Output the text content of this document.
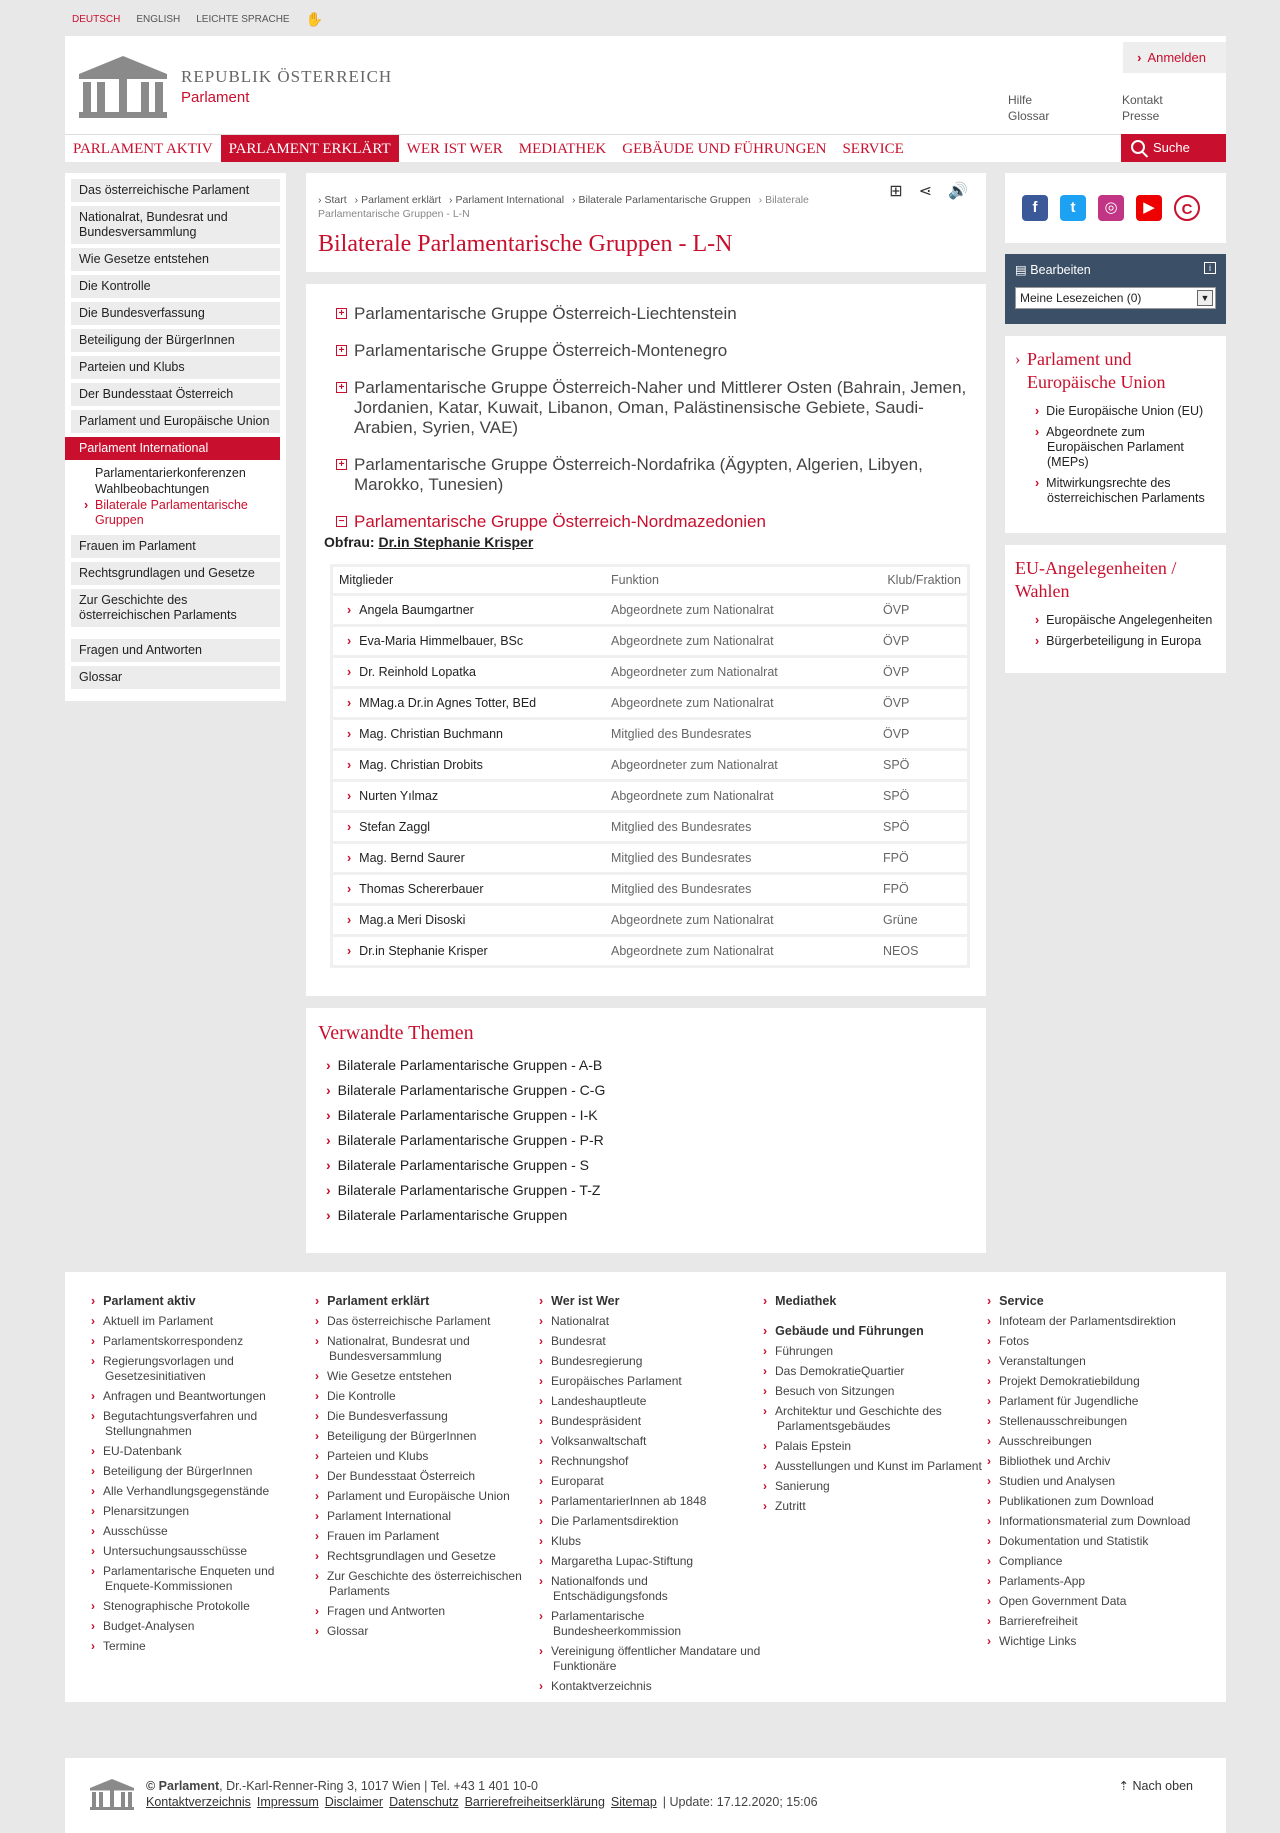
DEUTSCH ENGLISH LEICHTE SPRACHE ✋
REPUBLIK ÖSTERREICH
Parlament
› Anmelden
Hilfe
Glossar
Kontakt
Presse
PARLAMENT AKTIV	PARLAMENT ERKLÄRT	WER IST WER	MEDIATHEK	GEBÄUDE UND FÜHRUNGEN	SERVICE	Suche
Das österreichische Parlament
Nationalrat, Bundesrat und Bundesversammlung
Wie Gesetze entstehen
Die Kontrolle
Die Bundesverfassung
Beteiligung der BürgerInnen
Parteien und Klubs
Der Bundesstaat Österreich
Parlament und Europäische Union
Parlament International
Parlamentarierkonferenzen
Wahlbeobachtungen
› Bilaterale Parlamentarische Gruppen
Frauen im Parlament
Rechtsgrundlagen und Gesetze
Zur Geschichte des österreichischen Parlaments
Fragen und Antworten
Glossar
⊞ ⋖ 🔊
› Start › Parlament erklärt › Parlament International › Bilaterale Parlamentarische Gruppen › Bilaterale Parlamentarische Gruppen - L-N
Bilaterale Parlamentarische Gruppen - L-N
+ Parlamentarische Gruppe Österreich-Liechtenstein
+ Parlamentarische Gruppe Österreich-Montenegro
+ Parlamentarische Gruppe Österreich-Naher und Mittlerer Osten (Bahrain, Jemen, Jordanien, Katar, Kuwait, Libanon, Oman, Palästinensische Gebiete, Saudi-Arabien, Syrien, VAE)
+ Parlamentarische Gruppe Österreich-Nordafrika (Ägypten, Algerien, Libyen, Marokko, Tunesien)
− Parlamentarische Gruppe Österreich-Nordmazedonien
Obfrau: Dr.in Stephanie Krisper
Mitglieder	Funktion	Klub/Fraktion
› Angela Baumgartner	Abgeordnete zum Nationalrat	ÖVP
› Eva-Maria Himmelbauer, BSc	Abgeordnete zum Nationalrat	ÖVP
› Dr. Reinhold Lopatka	Abgeordneter zum Nationalrat	ÖVP
› MMag.a Dr.in Agnes Totter, BEd	Abgeordnete zum Nationalrat	ÖVP
› Mag. Christian Buchmann	Mitglied des Bundesrates	ÖVP
› Mag. Christian Drobits	Abgeordneter zum Nationalrat	SPÖ
› Nurten Yılmaz	Abgeordnete zum Nationalrat	SPÖ
› Stefan Zaggl	Mitglied des Bundesrates	SPÖ
› Mag. Bernd Saurer	Mitglied des Bundesrates	FPÖ
› Thomas Schererbauer	Mitglied des Bundesrates	FPÖ
› Mag.a Meri Disoski	Abgeordnete zum Nationalrat	Grüne
› Dr.in Stephanie Krisper	Abgeordnete zum Nationalrat	NEOS
Verwandte Themen
› Bilaterale Parlamentarische Gruppen - A-B
› Bilaterale Parlamentarische Gruppen - C-G
› Bilaterale Parlamentarische Gruppen - I-K
› Bilaterale Parlamentarische Gruppen - P-R
› Bilaterale Parlamentarische Gruppen - S
› Bilaterale Parlamentarische Gruppen - T-Z
› Bilaterale Parlamentarische Gruppen
f	t	◎	▶	C
▤ Bearbeiten	i
Meine Lesezeichen (0)	▼
› Parlament und Europäische Union
› Die Europäische Union (EU)
› Abgeordnete zum Europäischen Parlament (MEPs)
› Mitwirkungsrechte des österreichischen Parlaments
EU-Angelegenheiten / Wahlen
› Europäische Angelegenheiten
› Bürgerbeteiligung in Europa
› Parlament aktiv
› Aktuell im Parlament
› Parlamentskorrespondenz
› Regierungsvorlagen und Gesetzesinitiativen
› Anfragen und Beantwortungen
› Begutachtungsverfahren und Stellungnahmen
› EU-Datenbank
› Beteiligung der BürgerInnen
› Alle Verhandlungsgegenstände
› Plenarsitzungen
› Ausschüsse
› Untersuchungsausschüsse
› Parlamentarische Enqueten und Enquete-Kommissionen
› Stenographische Protokolle
› Budget-Analysen
› Termine
› Parlament erklärt
› Das österreichische Parlament
› Nationalrat, Bundesrat und Bundesversammlung
› Wie Gesetze entstehen
› Die Kontrolle
› Die Bundesverfassung
› Beteiligung der BürgerInnen
› Parteien und Klubs
› Der Bundesstaat Österreich
› Parlament und Europäische Union
› Parlament International
› Frauen im Parlament
› Rechtsgrundlagen und Gesetze
› Zur Geschichte des österreichischen Parlaments
› Fragen und Antworten
› Glossar
› Wer ist Wer
› Nationalrat
› Bundesrat
› Bundesregierung
› Europäisches Parlament
› Landeshauptleute
› Bundespräsident
› Volksanwaltschaft
› Rechnungshof
› Europarat
› ParlamentarierInnen ab 1848
› Die Parlamentsdirektion
› Klubs
› Margaretha Lupac-Stiftung
› Nationalfonds und Entschädigungsfonds
› Parlamentarische Bundesheerkommission
› Vereinigung öffentlicher Mandatare und Funktionäre
› Kontaktverzeichnis
› Mediathek
› Gebäude und Führungen
› Führungen
› Das DemokratieQuartier
› Besuch von Sitzungen
› Architektur und Geschichte des Parlamentsgebäudes
› Palais Epstein
› Ausstellungen und Kunst im Parlament
› Sanierung
› Zutritt
› Service
› Infoteam der Parlamentsdirektion
› Fotos
› Veranstaltungen
› Projekt Demokratiebildung
› Parlament für Jugendliche
› Stellenausschreibungen
› Ausschreibungen
› Bibliothek und Archiv
› Studien und Analysen
› Publikationen zum Download
› Informationsmaterial zum Download
› Dokumentation und Statistik
› Compliance
› Parlaments-App
› Open Government Data
› Barrierefreiheit
› Wichtige Links
© Parlament, Dr.-Karl-Renner-Ring 3, 1017 Wien | Tel. +43 1 401 10-0
Kontaktverzeichnis Impressum Disclaimer Datenschutz Barrierefreiheitserklärung Sitemap | Update: 17.12.2020; 15:06
⇡ Nach oben
